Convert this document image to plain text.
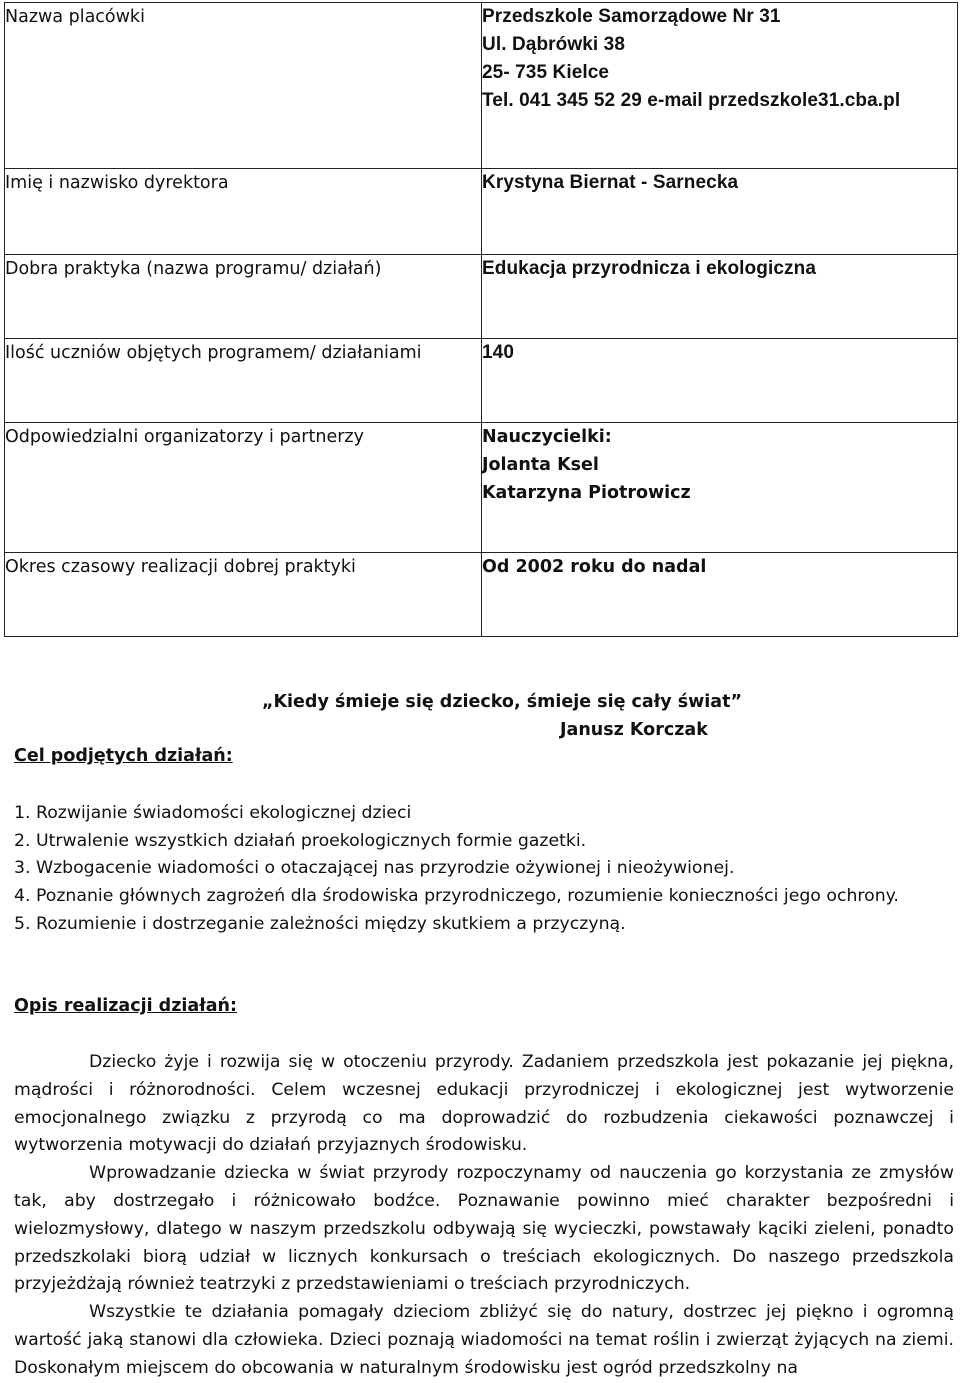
Nazwa placówki	Przedszkole Samorządowe Nr 31
Ul. Dąbrówki 38
25- 735 Kielce
Tel. 041 345 52 29 e-mail przedszkole31.cba.pl

Imię i nazwisko dyrektora	Krystyna Biernat - Sarnecka

Dobra praktyka (nazwa programu/ działań)	Edukacja przyrodnicza i ekologiczna

Ilość uczniów objętych programem/ działaniami	140

Odpowiedzialni organizatorzy i partnerzy	Nauczycielki:
Jolanta Ksel
Katarzyna Piotrowicz

Okres czasowy realizacji dobrej praktyki	Od 2002 roku do nadal
„Kiedy śmieje się dziecko, śmieje się cały świat”
Janusz Korczak
Cel podjętych działań:
1. Rozwijanie świadomości ekologicznej dzieci
2. Utrwalenie wszystkich działań proekologicznych formie gazetki.
3. Wzbogacenie wiadomości o otaczającej nas przyrodzie ożywionej i nieożywionej.
4. Poznanie głównych zagrożeń dla środowiska przyrodniczego, rozumienie konieczności jego ochrony.
5. Rozumienie i dostrzeganie zależności między skutkiem a przyczyną.
Opis realizacji działań:

Dziecko żyje i rozwija się w otoczeniu przyrody. Zadaniem przedszkola jest pokazanie jej piękna, mądrości i różnorodności. Celem wczesnej edukacji przyrodniczej i ekologicznej jest wytworzenie emocjonalnego związku z przyrodą co ma doprowadzić do rozbudzenia ciekawości poznawczej i wytworzenia motywacji do działań przyjaznych środowisku.

Wprowadzanie dziecka w świat przyrody rozpoczynamy od nauczenia go korzystania ze zmysłów tak, aby dostrzegało i różnicowało bodźce. Poznawanie powinno mieć charakter bezpośredni i wielozmysłowy, dlatego w naszym przedszkolu odbywają się wycieczki, powstawały kąciki zieleni, ponadto przedszkolaki biorą udział w licznych konkursach o treściach ekologicznych. Do naszego przedszkola przyjeżdżają również teatrzyki z przedstawieniami o treściach przyrodniczych.

Wszystkie te działania pomagały dzieciom zbliżyć się do natury, dostrzec jej piękno i ogromną wartość jaką stanowi dla człowieka. Dzieci poznają wiadomości na temat roślin i zwierząt żyjących na ziemi. Doskonałym miejscem do obcowania w naturalnym środowisku jest ogród przedszkolny na
